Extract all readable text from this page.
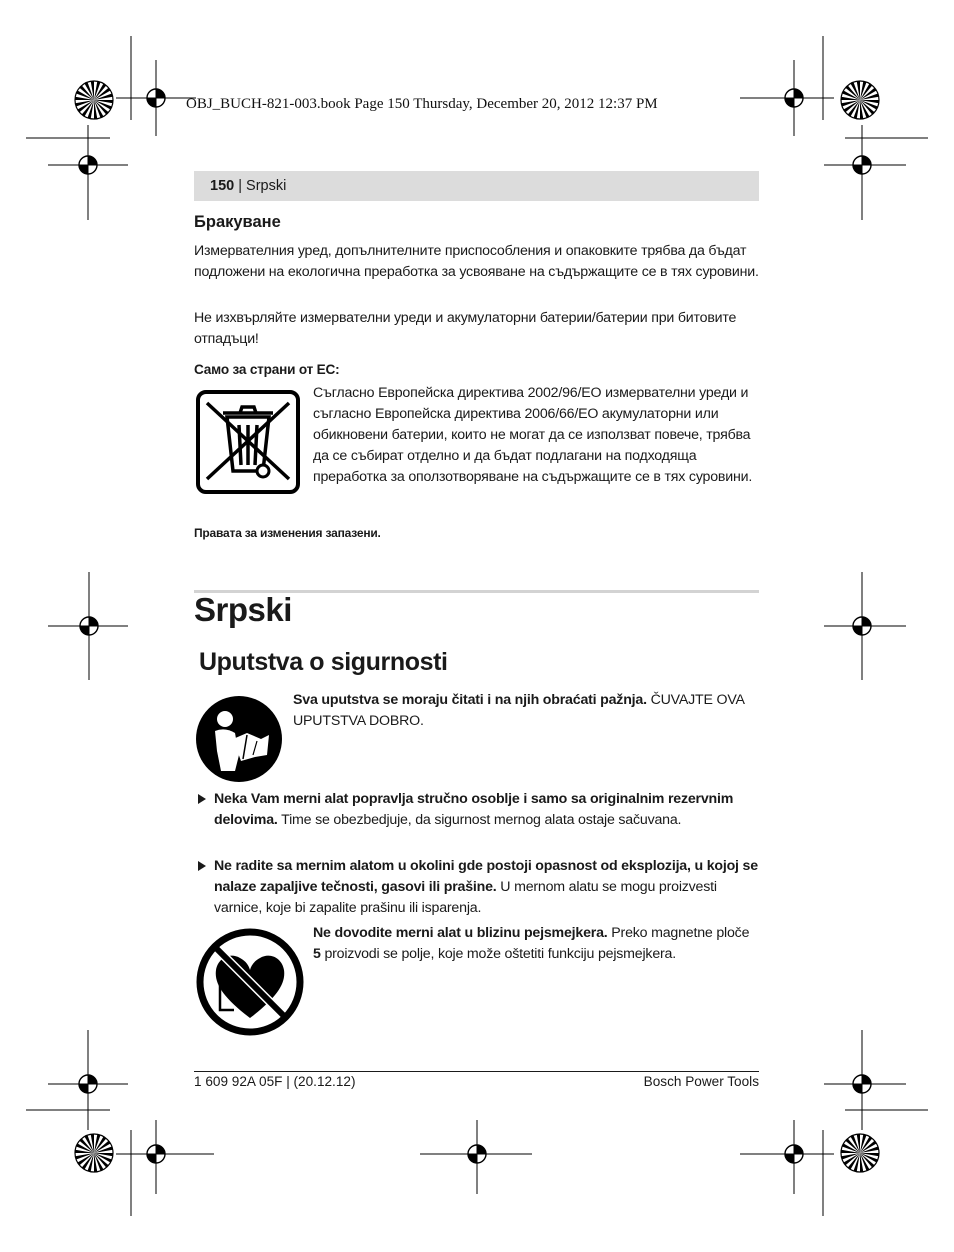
OBJ_BUCH-821-003.book Page 150 Thursday, December 20, 2012 12:37 PM
150 | Srpski
Бракуване

Измервателния уред, допълнителните приспособления и опаковките трябва да бъдат подложени на екологична преработка за усвояване на съдържащите се в тях суровини.

Не изхвърляйте измервателни уреди и акумулаторни батерии/батерии при битовите отпадъци!

Само за страни от ЕС:

Съгласно Европейска директива 2002/96/ЕО измервателни уреди и съгласно Европейска директива 2006/66/ЕО акумулаторни или обикновени батерии, които не могат да се използват повече, трябва да се събират отделно и да бъдат подлагани на подходяща преработка за оползотворяване на съдържащите се в тях суровини.

Правата за изменения запазени.
Srpski
Uputstva o sigurnosti

Sva uputstva se moraju čitati i na njih obraćati pažnja. ČUVAJTE OVA UPUTSTVA DOBRO.

Neka Vam merni alat popravlja stručno osoblje i samo sa originalnim rezervnim delovima. Time se obezbedjuje, da sigurnost mernog alata ostaje sačuvana.
Ne radite sa mernim alatom u okolini gde postoji opasnost od eksplozija, u kojoj se nalaze zapaljive tečnosti, gasovi ili prašine. U mernom alatu se mogu proizvesti varnice, koje bi zapalite prašinu ili isparenja.

Ne dovodite merni alat u blizinu pejsmejkera. Preko magnetne ploče 5 proizvodi se polje, koje može oštetiti funkciju pejsmejkera.

1 609 92A 05F | (20.12.12)	Bosch Power Tools
